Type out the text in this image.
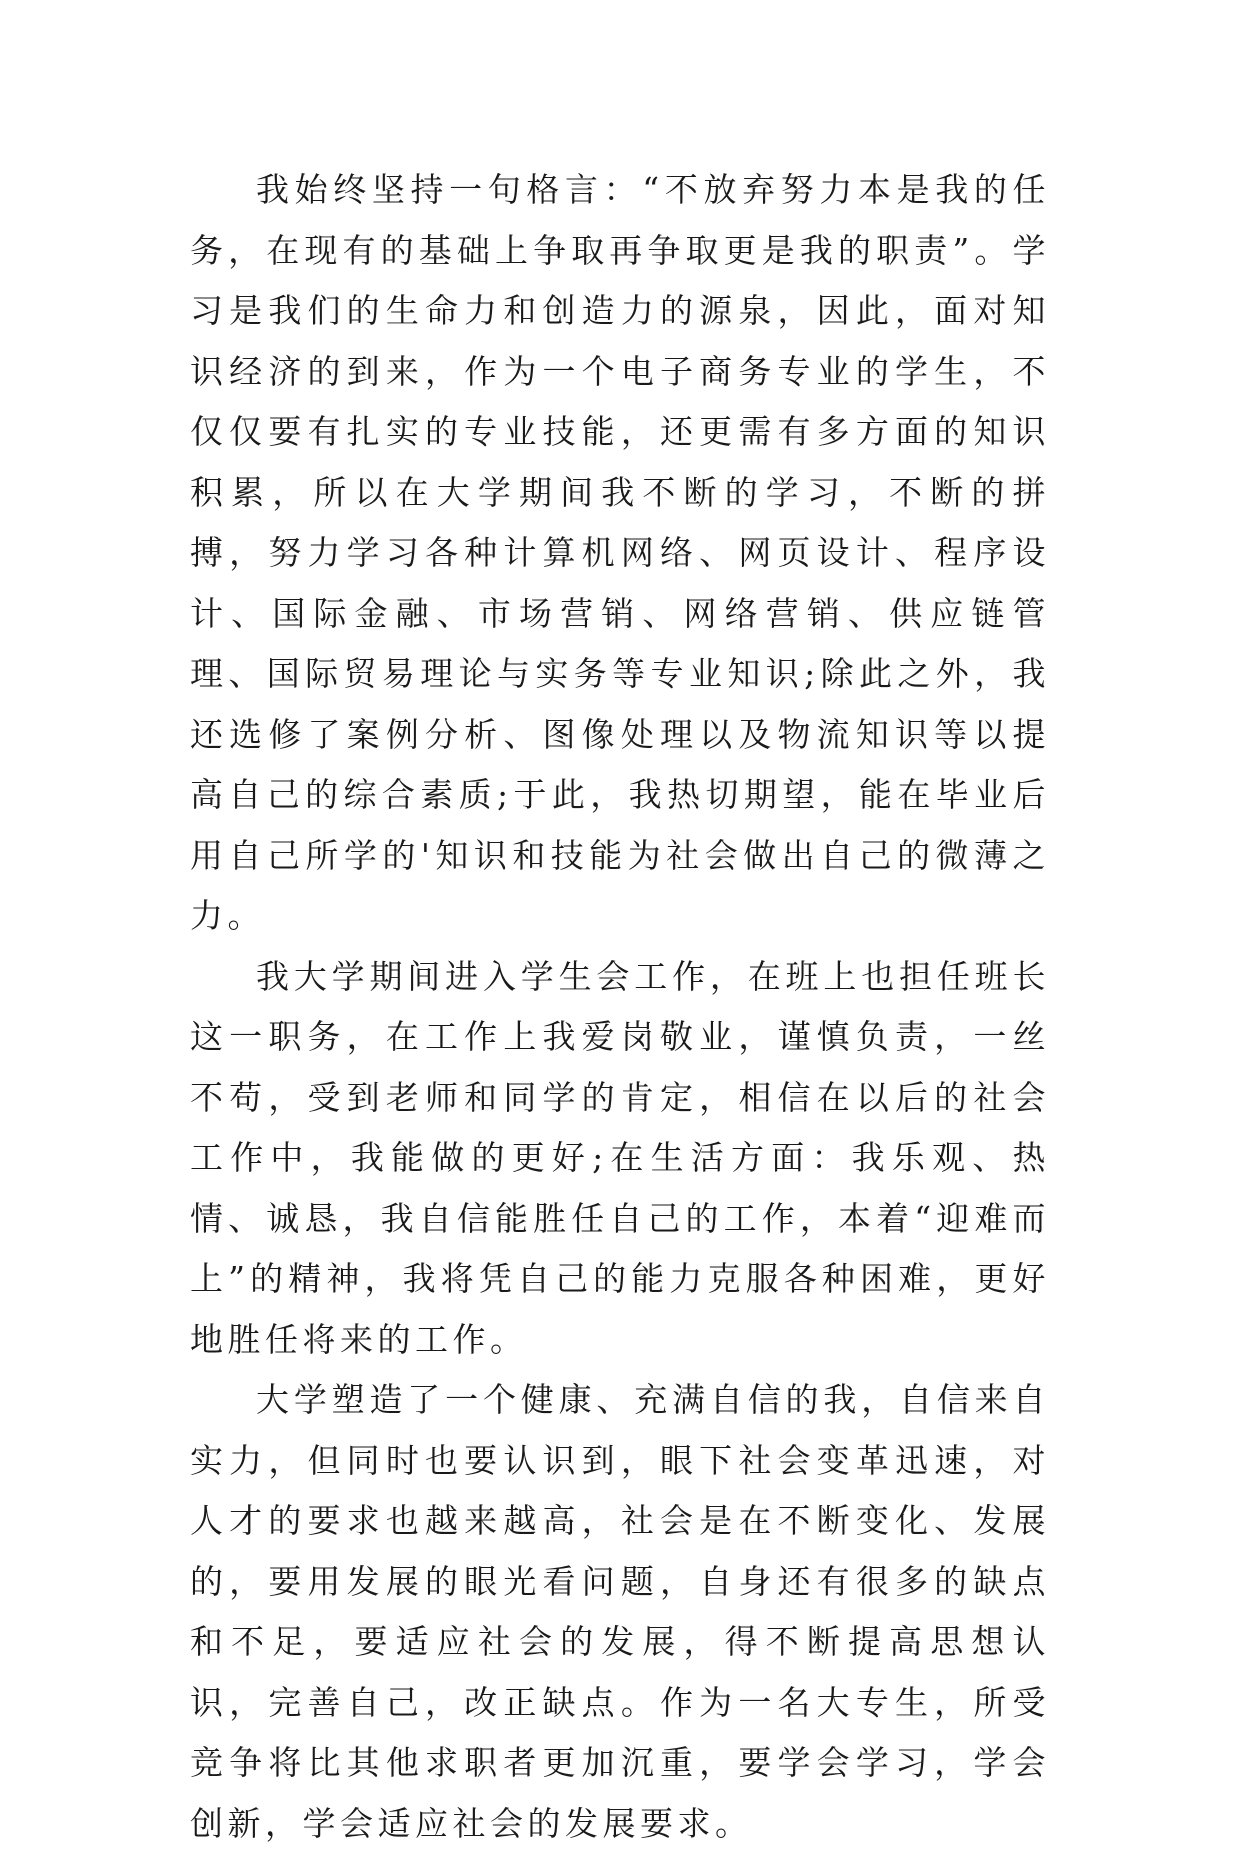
我始终坚持一句格言：“不放弃努力本是我的任务，在现有的基础上争取再争取更是我的职责”。学习是我们的生命力和创造力的源泉，因此，面对知识经济的到来，作为一个电子商务专业的学生，不仅仅要有扎实的专业技能，还更需有多方面的知识积累，所以在大学期间我不断的学习，不断的拼搏，努力学习各种计算机网络、网页设计、程序设计、国际金融、市场营销、网络营销、供应链管理、国际贸易理论与实务等专业知识;除此之外，我还选修了案例分析、图像处理以及物流知识等以提高自己的综合素质;于此，我热切期望，能在毕业后用自己所学的'知识和技能为社会做出自己的微薄之力。

我大学期间进入学生会工作，在班上也担任班长这一职务，在工作上我爱岗敬业，谨慎负责，一丝不苟，受到老师和同学的肯定，相信在以后的社会工作中，我能做的更好;在生活方面：我乐观、热情、诚恳，我自信能胜任自己的工作，本着“迎难而上”的精神，我将凭自己的能力克服各种困难，更好地胜任将来的工作。

大学塑造了一个健康、充满自信的我，自信来自实力，但同时也要认识到，眼下社会变革迅速，对人才的要求也越来越高，社会是在不断变化、发展的，要用发展的眼光看问题，自身还有很多的缺点和不足，要适应社会的发展，得不断提高思想认识，完善自己，改正缺点。作为一名大专生，所受竞争将比其他求职者更加沉重，要学会学习，学会创新，学会适应社会的发展要求。
